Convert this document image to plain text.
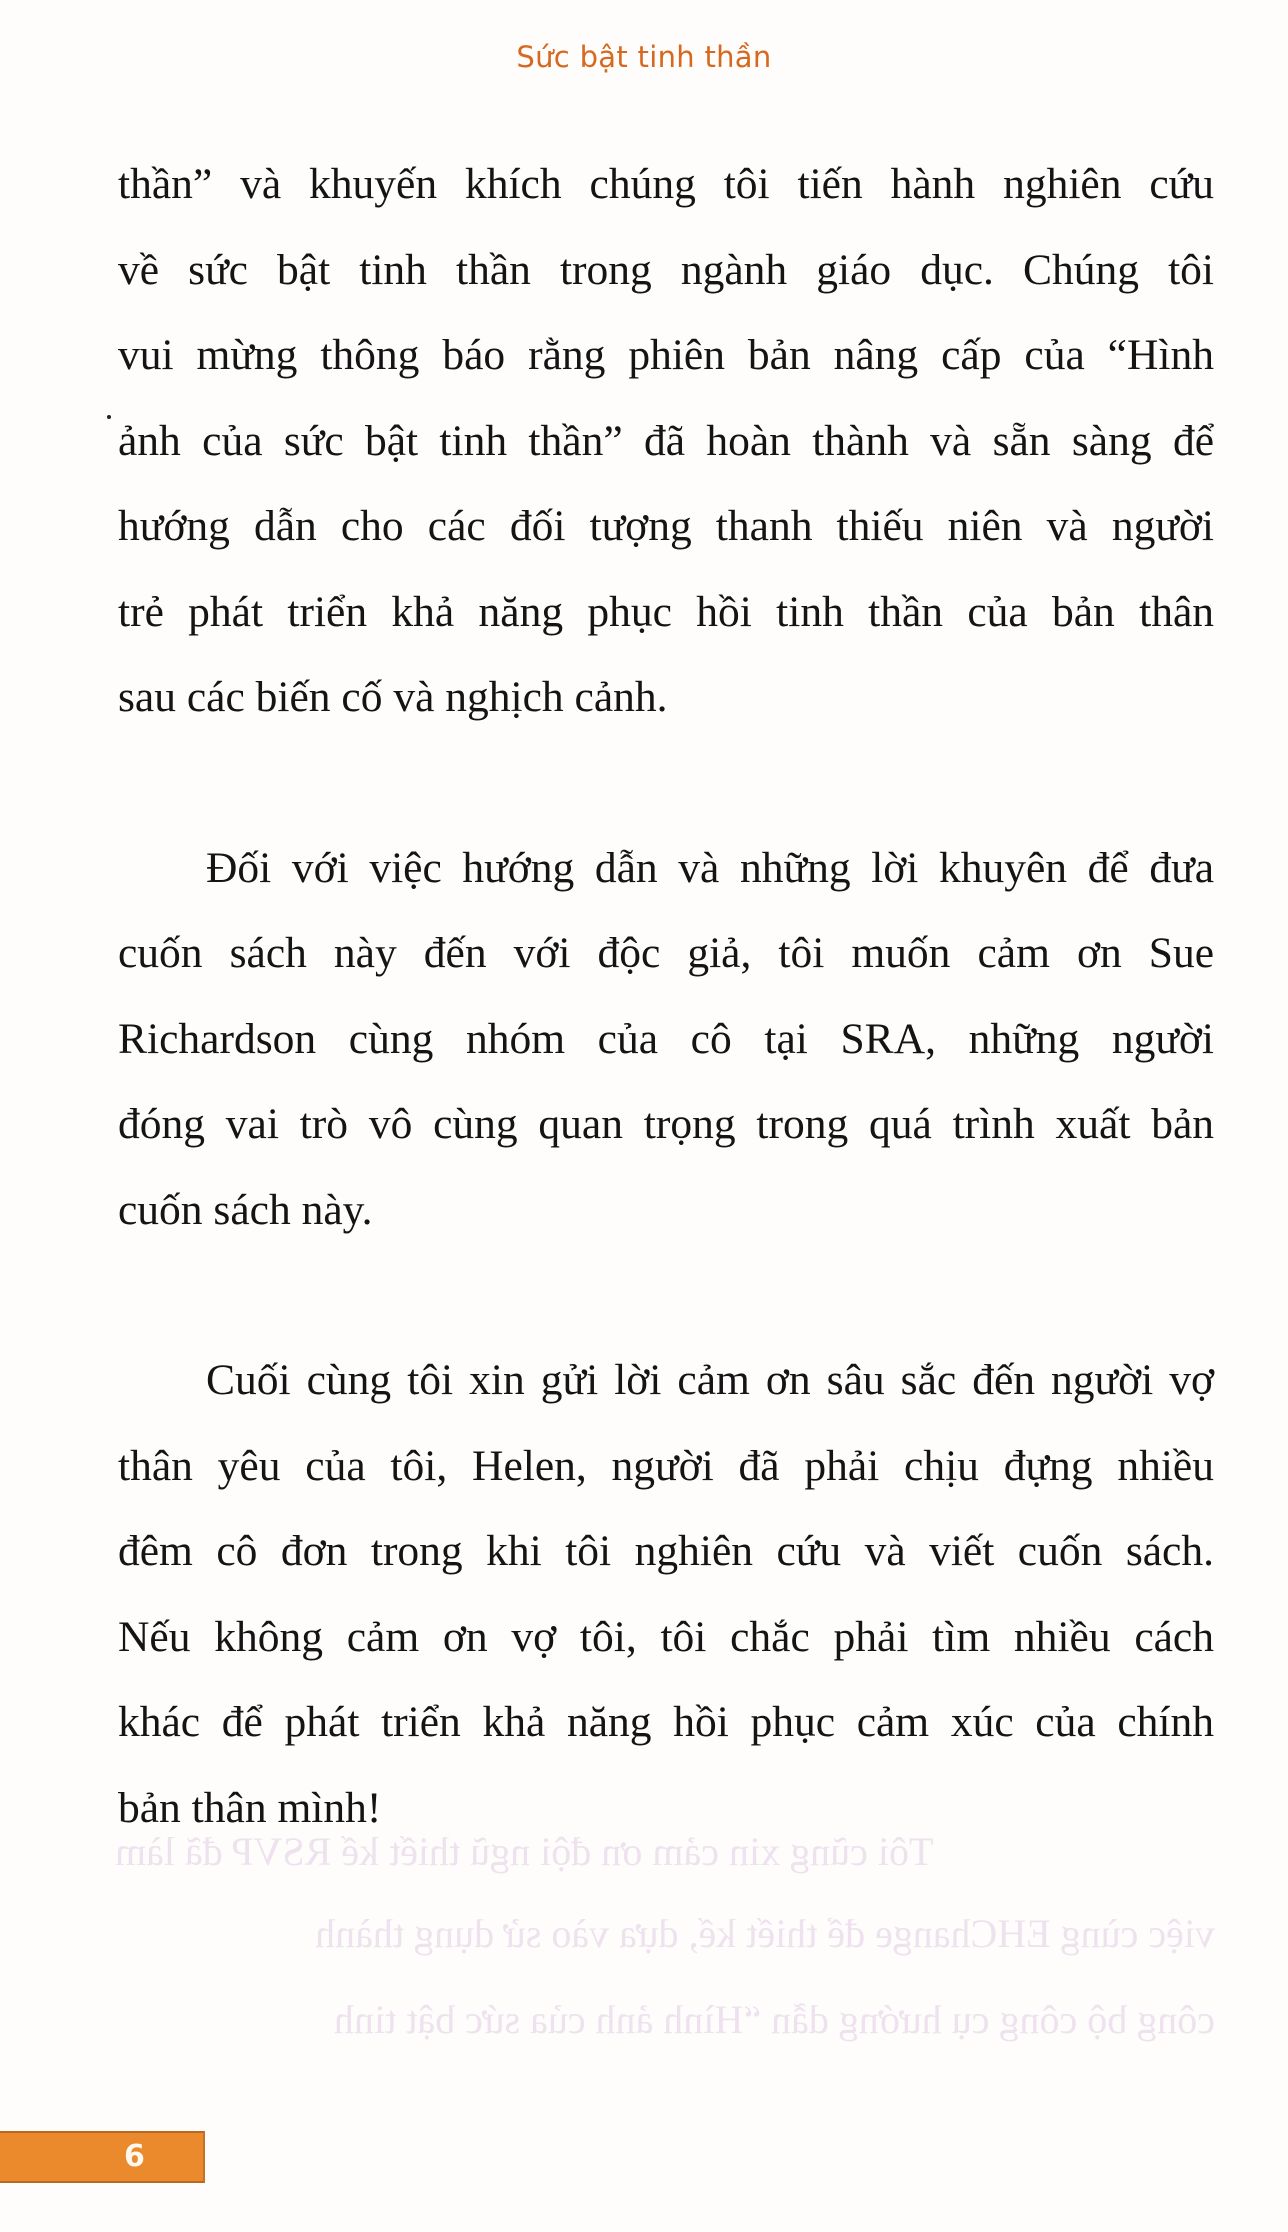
Sức bật tinh thần
Tôi cũng xin cảm ơn đội ngũ thiết kế RSVP đã làm
việc cùng EHChange để thiết kế, dựa vào sử dụng thành
công bộ công cụ hướng dẫn “Hình ảnh của sức bật tinh

thần” và khuyến khích chúng tôi tiến hành nghiên cứu
về sức bật tinh thần trong ngành giáo dục. Chúng tôi
vui mừng thông báo rằng phiên bản nâng cấp của “Hình
ảnh của sức bật tinh thần” đã hoàn thành và sẵn sàng để
hướng dẫn cho các đối tượng thanh thiếu niên và người
trẻ phát triển khả năng phục hồi tinh thần của bản thân
sau các biến cố và nghịch cảnh.

Đối với việc hướng dẫn và những lời khuyên để đưa
cuốn sách này đến với độc giả, tôi muốn cảm ơn Sue
Richardson cùng nhóm của cô tại SRA, những người
đóng vai trò vô cùng quan trọng trong quá trình xuất bản
cuốn sách này.

Cuối cùng tôi xin gửi lời cảm ơn sâu sắc đến người vợ
thân yêu của tôi, Helen, người đã phải chịu đựng nhiều
đêm cô đơn trong khi tôi nghiên cứu và viết cuốn sách.
Nếu không cảm ơn vợ tôi, tôi chắc phải tìm nhiều cách
khác để phát triển khả năng hồi phục cảm xúc của chính
bản thân mình!

6
